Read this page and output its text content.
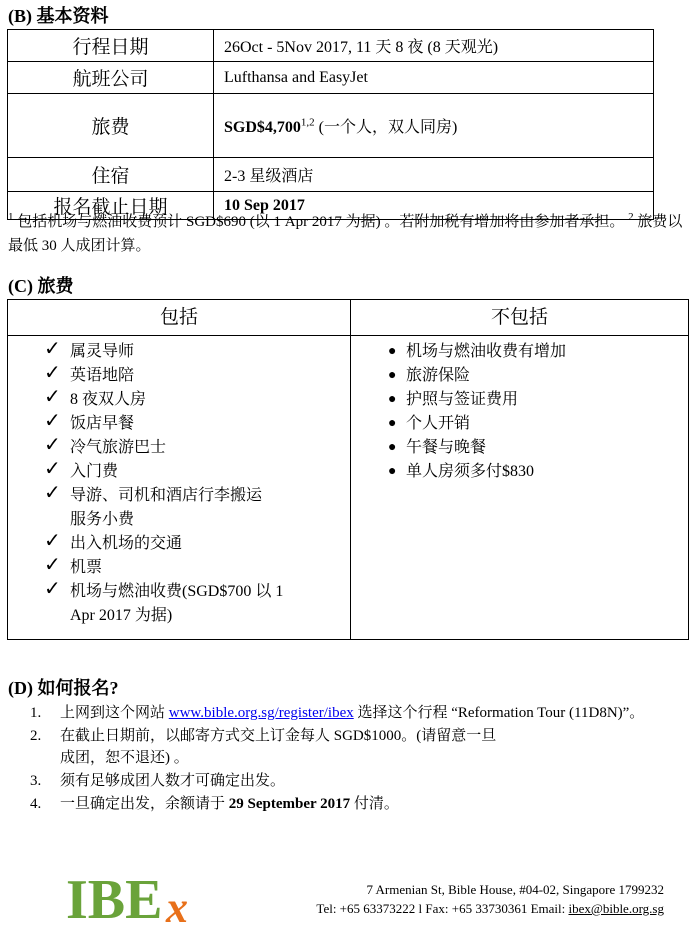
(B) 基本资料
行程日期	26Oct - 5Nov 2017, 11 天 8 夜 (8 天观光)
航班公司	Lufthansa and EasyJet
旅费	SGD$4,700$^{1,2}$ (一个人，双人同房)
住宿	2-3 星级酒店
报名截止日期	10 Sep 2017
$^1$ 包括机场与燃油收费预计 SGD$690 (以 1 Apr 2017 为据) 。若附加税有增加将由参加者承担。 $^2$ 旅费以最低 30 人成团计算。
(C) 旅费
包括	不包括
✓ 属灵导师
✓ 英语地陪
✓ 8 夜双人房
✓ 饭店早餐
✓ 冷气旅游巴士
✓ 入门费
✓ 导游、司机和酒店行李搬运服务小费
✓ 出入机场的交通
✓ 机票
✓ 机场与燃油收费(SGD$700 以 1 Apr 2017 为据)
● 机场与燃油收费有增加
● 旅游保险
● 护照与签证费用
● 个人开销
● 午餐与晚餐
● 单人房须多付$830
(D) 如何报名?
1. 上网到这个网站 www.bible.org.sg/register/ibex 选择这个行程 “Reformation Tour (11D8N)”。
2. 在截止日期前，以邮寄方式交上订金每人 SGD$1000。(请留意一旦成团，恕不退还) 。
3. 须有足够成团人数才可确定出发。
4. 一旦确定出发，余额请于 29 September 2017 付清。
IBE x	7 Armenian St, Bible House, #04-02, Singapore 1799232
Tel: +65 63373222 l Fax: +65 33730361 Email: ibex@bible.org.sg
